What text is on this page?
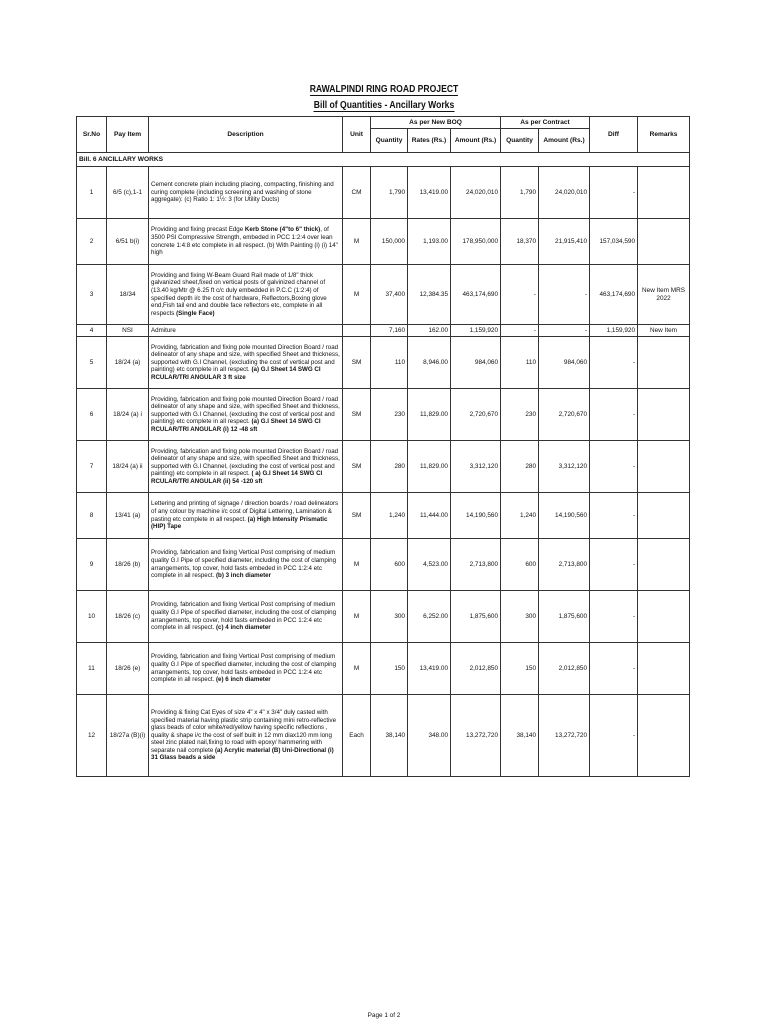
RAWALPINDI RING ROAD PROJECT
Bill of Quantities - Ancillary Works
Sr.No	Pay Item	Description	Unit	As per New BOQ			As per Contract		Diff	Remarks
				Quantity	Rates (Rs.)	Amount (Rs.)	Quantity	Amount (Rs.)		
Bill. 6 ANCILLARY WORKS										
1	6/5 (c),1-1	Cement concrete plain including placing, compacting, finishing and curing complete (including screening and washing of stone aggregate): (c) Ratio 1: 1½: 3 (for Utility Ducts)	CM	1,790	13,419.00	24,020,010	1,790	24,020,010	-	
2	6/51 b(i)	Providing and fixing precast Edge Kerb Stone (4"to 6" thick), of 3500 PSI Compressive Strength, embeded in PCC 1:2:4 over lean concrete 1:4:8 etc complete in all respect. (b) With Painting (i) (i) 14" high	M	150,000	1,193.00	178,950,000	18,370	21,915,410	157,034,590	
3	18/34	Providing and fixing W-Beam Guard Rail made of 1/8" thick galvanized sheet,fixed on vertical posts of galvinized channel of (13.40 kg/Mtr @ 6.25 ft c/c duly embedded in P.C.C (1:2:4) of specified depth i/c the cost of hardware, Reflectors,Boxing glove end,Fish tail end and double face reflectors etc, complete in all respects (Single Face)	M	37,400	12,384.35	463,174,690	-	-	463,174,690	New Item MRS 2022
4	NSI	Admiture		7,160	162.00	1,159,920	-	-	1,159,920	New Item
5	18/24 (a)	Providing, fabrication and fixing pole mounted Direction Board / road delineator of any shape and size, with specified Sheet and thickness, supported with G.I Channel, (excluding the cost of vertical post and painting) etc complete in all respect. (a) G.I Sheet 14 SWG CI RCULAR/TRI ANGULAR 3 ft size	SM	110	8,946.00	984,060	110	984,060	-	
6	18/24 (a) i	Providing, fabrication and fixing pole mounted Direction Board / road delineator of any shape and size, with specified Sheet and thickness, supported with G.I Channel, (excluding the cost of vertical post and painting) etc complete in all respect. (a) G.I Sheet 14 SWG CI RCULAR/TRI ANGULAR (i) 12 -48 sft	SM	230	11,829.00	2,720,670	230	2,720,670	-	
7	18/24 (a) ii	Providing, fabrication and fixing pole mounted Direction Board / road delineator of any shape and size, with specified Sheet and thickness, supported with G.I Channel, (excluding the cost of vertical post and painting) etc complete in all respect. ( a) G.I Sheet 14 SWG CI RCULAR/TRI ANGULAR (ii) 54 -120 sft	SM	280	11,829.00	3,312,120	280	3,312,120	-	
8	13/41 (a)	Lettering and printing of signage / direction boards / road delineators of any colour by machine i/c cost of Digital Lettering, Lamination & pasting etc complete in all respect. (a) High Intensity Prismatic (HIP) Tape	SM	1,240	11,444.00	14,190,560	1,240	14,190,560	-	
9	18/26 (b)	Providing, fabrication and fixing Vertical Post comprising of medium quality G.I Pipe of specified diameter, including the cost of clamping arrangements, top cover, hold fasts embeded in PCC 1:2:4 etc complete in all respect. (b) 3 inch diameter	M	600	4,523.00	2,713,800	600	2,713,800	-	
10	18/26 (c)	Providing, fabrication and fixing Vertical Post comprising of medium quality G.I Pipe of specified diameter, including the cost of clamping arrangements, top cover, hold fasts embeded in PCC 1:2:4 etc complete in all respect. (c) 4 inch diameter	M	300	6,252.00	1,875,600	300	1,875,600	-	
11	18/26 (e)	Providing, fabrication and fixing Vertical Post comprising of medium quality G.I Pipe of specified diameter, including the cost of clamping arrangements, top cover, hold fasts embeded in PCC 1:2:4 etc complete in all respect. (e) 6 inch diameter	M	150	13,419.00	2,012,850	150	2,012,850	-	
12	18/27a (B)(i)	Providing & fixing Cat Eyes of size 4" x 4" x 3/4" duly casted with specified material having plastic strip containing mini retro-reflective glass beads of color white/red/yellow having specific reflections , quality & shape i/c the cost of self built in 12 mm diax120 mm long steel zinc plated nail,fixing to road with epoxy/ hammering with separate nail complete (a) Acrylic material (B) Uni-Directional (i) 31 Glass beads a side	Each	38,140	348.00	13,272,720	38,140	13,272,720	-	
Page 1 of 2
